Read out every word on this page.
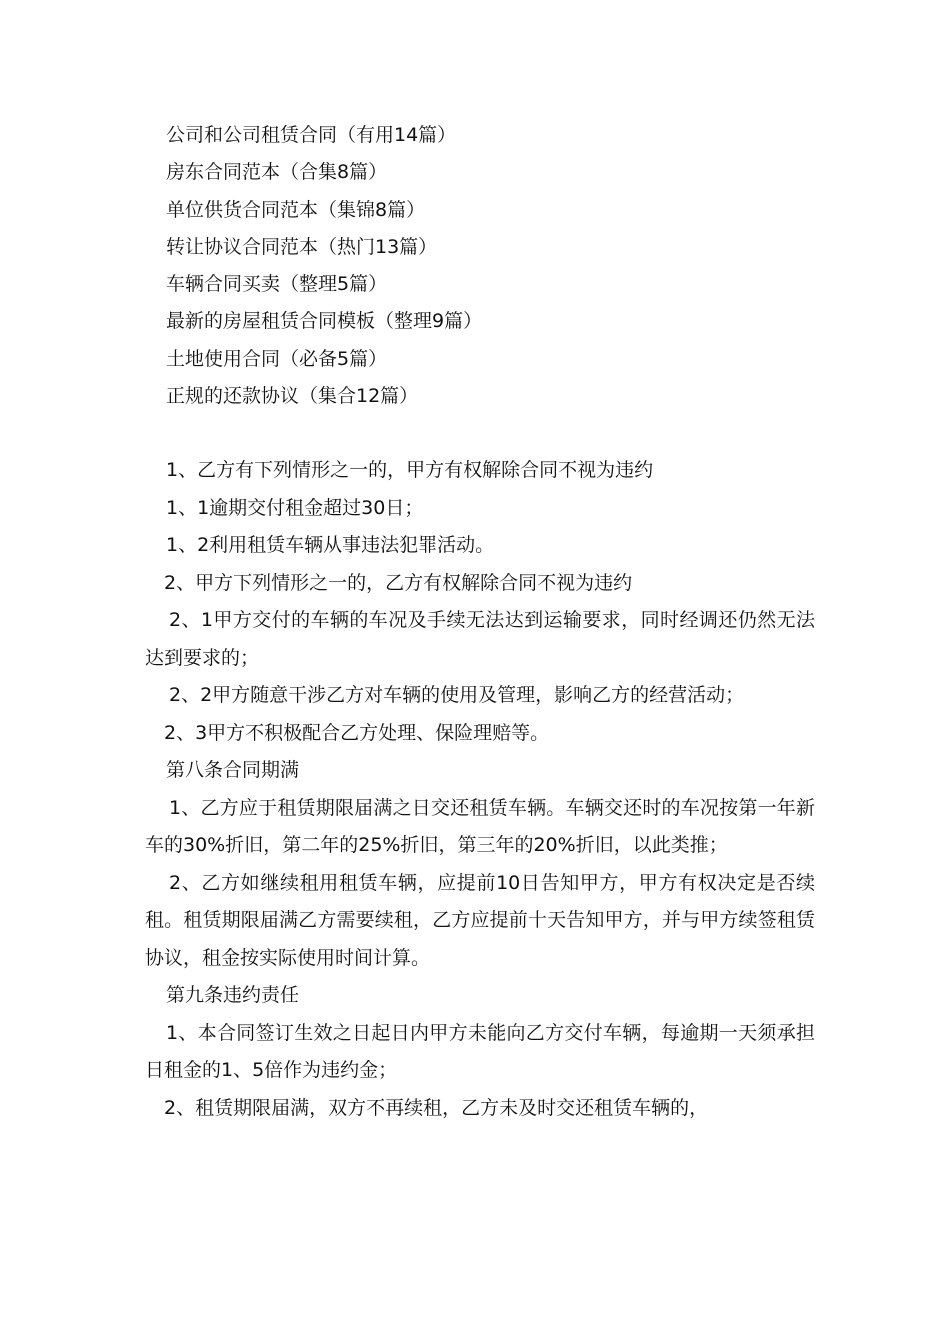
公司和公司租赁合同（有用14篇）
房东合同范本（合集8篇）
单位供货合同范本（集锦8篇）
转让协议合同范本（热门13篇）
车辆合同买卖（整理5篇）
最新的房屋租赁合同模板（整理9篇）
土地使用合同（必备5篇）
正规的还款协议（集合12篇）

1、乙方有下列情形之一的，甲方有权解除合同不视为违约

1、1逾期交付租金超过30日；

1、2利用租赁车辆从事违法犯罪活动。

2、甲方下列情形之一的，乙方有权解除合同不视为违约

2、1甲方交付的车辆的车况及手续无法达到运输要求，同时经调还仍然无法达到要求的；

2、2甲方随意干涉乙方对车辆的使用及管理，影响乙方的经营活动；

2、3甲方不积极配合乙方处理、保险理赔等。

第八条合同期满

1、乙方应于租赁期限届满之日交还租赁车辆。车辆交还时的车况按第一年新车的30%折旧，第二年的25%折旧，第三年的20%折旧，以此类推；

2、乙方如继续租用租赁车辆，应提前10日告知甲方，甲方有权决定是否续租。租赁期限届满乙方需要续租，乙方应提前十天告知甲方，并与甲方续签租赁协议，租金按实际使用时间计算。

第九条违约责任

1、本合同签订生效之日起日内甲方未能向乙方交付车辆，每逾期一天须承担日租金的1、5倍作为违约金；

2、租赁期限届满，双方不再续租，乙方未及时交还租赁车辆的，
